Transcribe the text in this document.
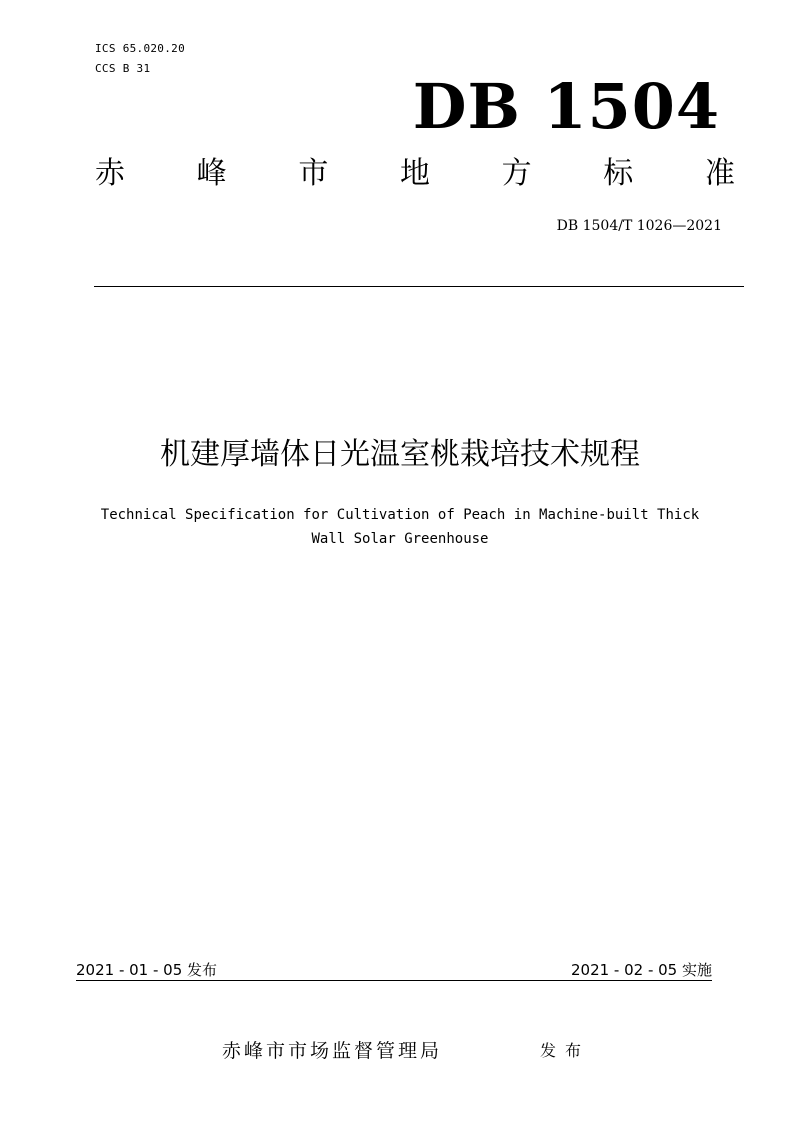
ICS 65.020.20
CCS B 31
DB 1504
赤 峰 市 地 方 标 准
DB 1504/T 1026—2021
机建厚墙体日光温室桃栽培技术规程
Technical Specification for Cultivation of Peach in Machine-built Thick
Wall Solar Greenhouse
2021 - 01 - 05 发布	2021 - 02 - 05 实施
赤峰市市场监督管理局	发布
